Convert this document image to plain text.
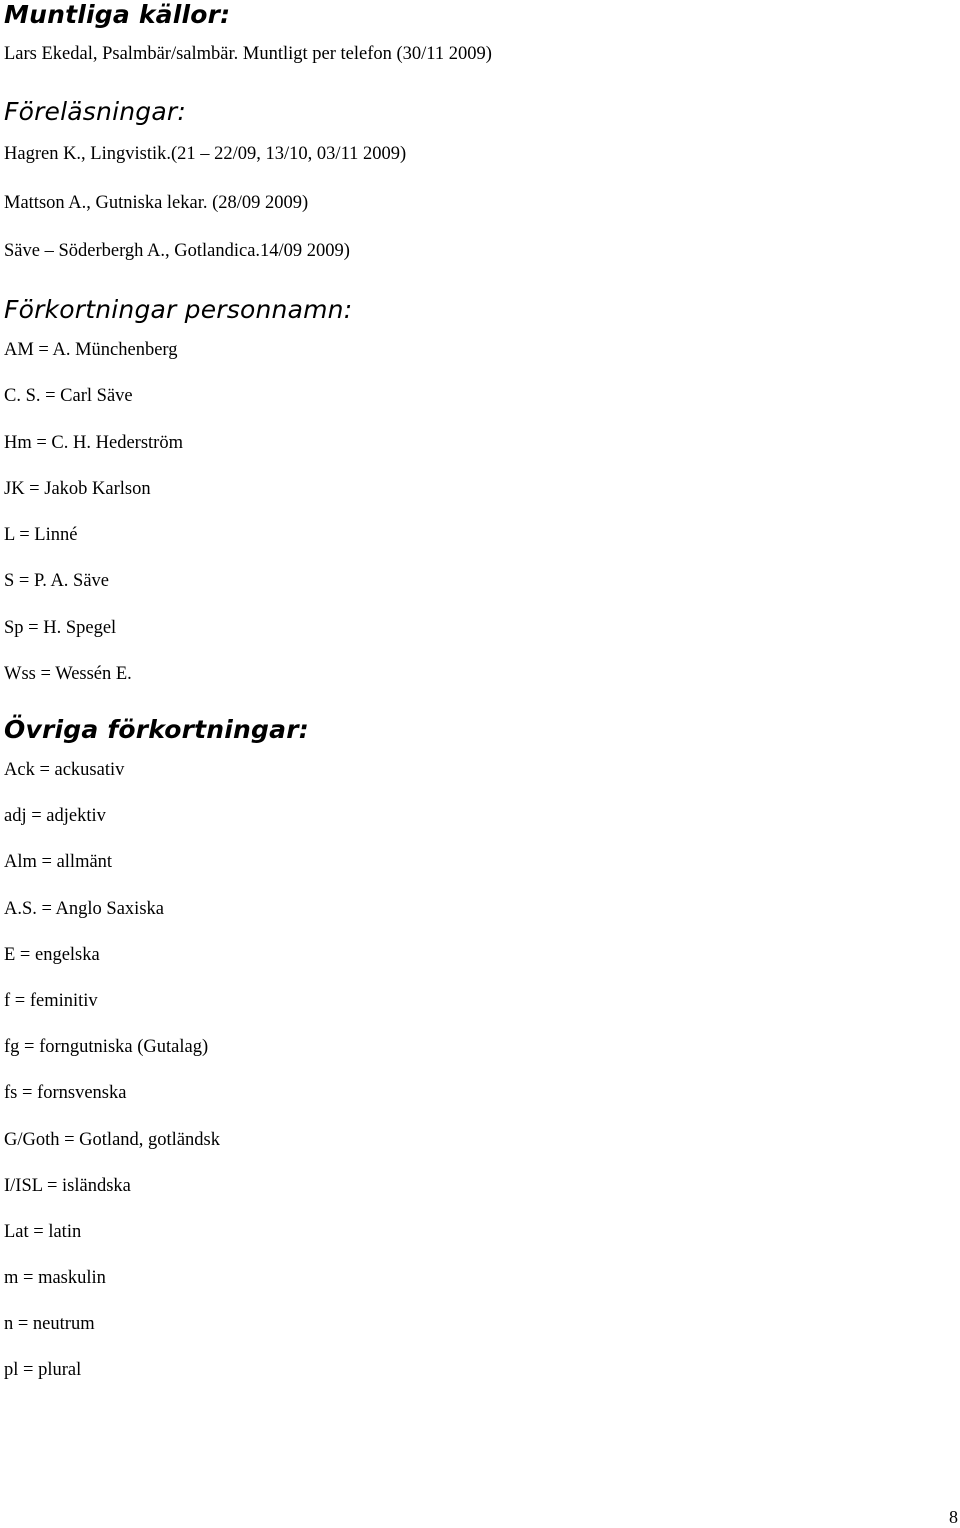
Muntliga källor:

Lars Ekedal, Psalmbär/salmbär. Muntligt per telefon (30/11 2009)

Föreläsningar:

Hagren K., Lingvistik.(21 – 22/09, 13/10, 03/11 2009)

Mattson A., Gutniska lekar. (28/09 2009)

Säve – Söderbergh A., Gotlandica.14/09 2009)

Förkortningar personnamn:

AM = A. Münchenberg

C. S. = Carl Säve

Hm = C. H. Hederström

JK = Jakob Karlson

L = Linné

S = P. A. Säve

Sp = H. Spegel

Wss = Wessén E.

Övriga förkortningar:

Ack = ackusativ

adj = adjektiv

Alm = allmänt

A.S. = Anglo Saxiska

E = engelska

f = feminitiv

fg = forngutniska (Gutalag)

fs = fornsvenska

G/Goth = Gotland, gotländsk

I/ISL = isländska

Lat = latin

m = maskulin

n = neutrum

pl = plural

8
